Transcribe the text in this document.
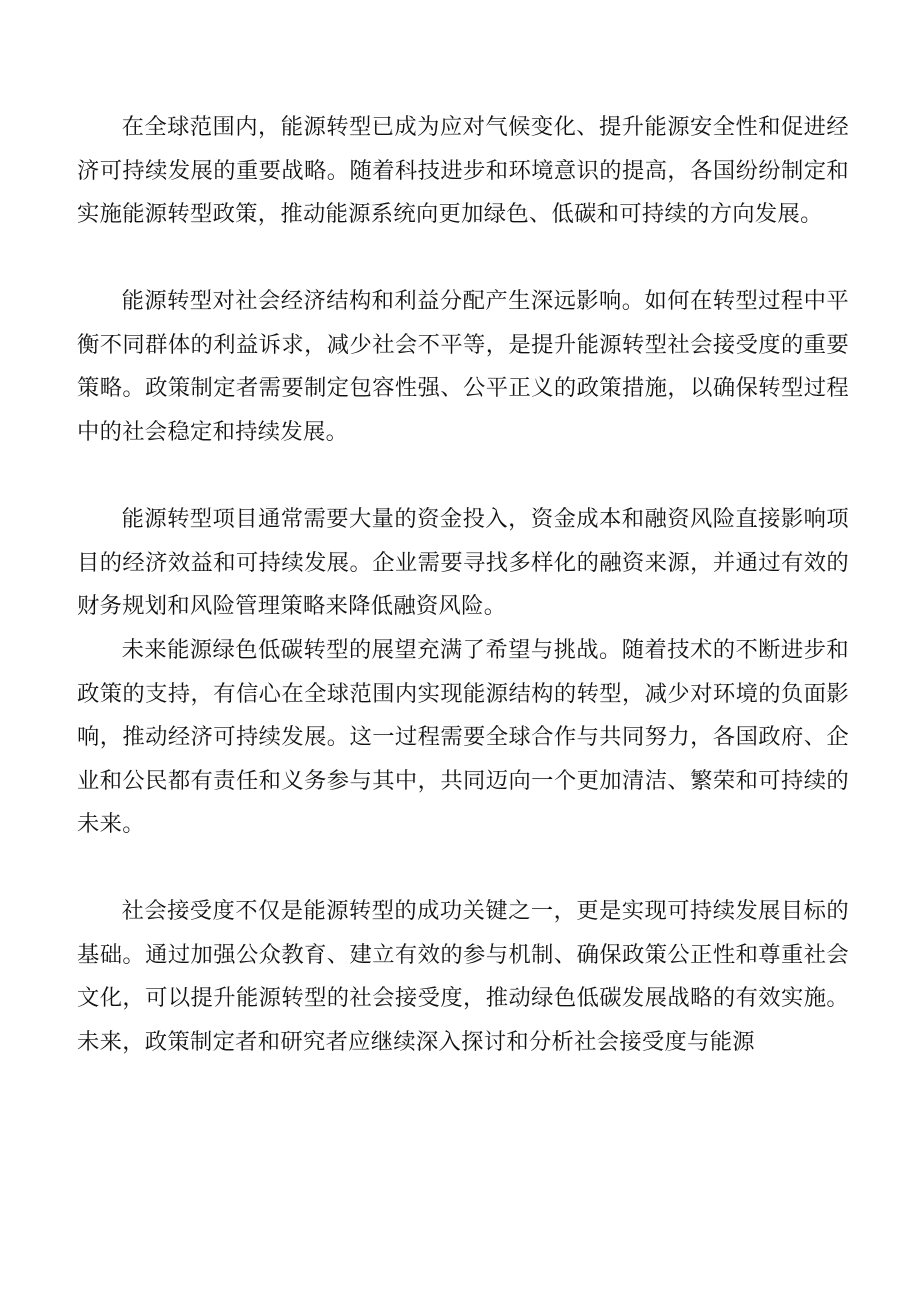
在全球范围内，能源转型已成为应对气候变化、提升能源安全性和促进经济可持续发展的重要战略。随着科技进步和环境意识的提高，各国纷纷制定和实施能源转型政策，推动能源系统向更加绿色、低碳和可持续的方向发展。

能源转型对社会经济结构和利益分配产生深远影响。如何在转型过程中平衡不同群体的利益诉求，减少社会不平等，是提升能源转型社会接受度的重要策略。政策制定者需要制定包容性强、公平正义的政策措施，以确保转型过程中的社会稳定和持续发展。

能源转型项目通常需要大量的资金投入，资金成本和融资风险直接影响项目的经济效益和可持续发展。企业需要寻找多样化的融资来源，并通过有效的财务规划和风险管理策略来降低融资风险。

未来能源绿色低碳转型的展望充满了希望与挑战。随着技术的不断进步和政策的支持，有信心在全球范围内实现能源结构的转型，减少对环境的负面影响，推动经济可持续发展。这一过程需要全球合作与共同努力，各国政府、企业和公民都有责任和义务参与其中，共同迈向一个更加清洁、繁荣和可持续的未来。

社会接受度不仅是能源转型的成功关键之一，更是实现可持续发展目标的基础。通过加强公众教育、建立有效的参与机制、确保政策公正性和尊重社会文化，可以提升能源转型的社会接受度，推动绿色低碳发展战略的有效实施。未来，政策制定者和研究者应继续深入探讨和分析社会接受度与能源
